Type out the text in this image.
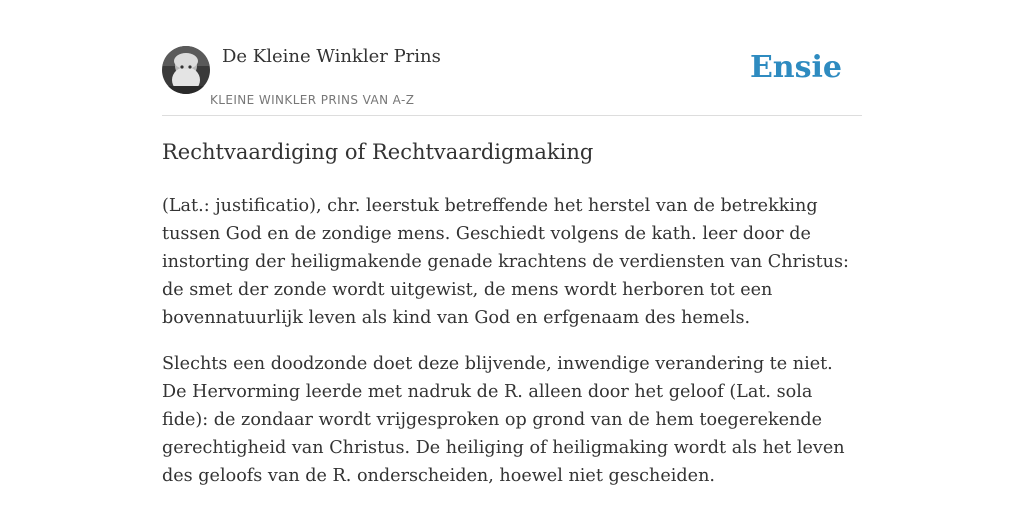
De Kleine Winkler Prins
KLEINE WINKLER PRINS VAN A-Z
Ensie
Rechtvaardiging of Rechtvaardigmaking

(Lat.: justificatio), chr. leerstuk betreffende het herstel van de betrekking tussen God en de zondige mens. Geschiedt volgens de kath. leer door de instorting der heiligmakende genade krachtens de verdiensten van Christus: de smet der zonde wordt uitgewist, de mens wordt herboren tot een bovennatuurlijk leven als kind van God en erfgenaam des hemels.

Slechts een doodzonde doet deze blijvende, inwendige verandering te niet. De Hervorming leerde met nadruk de R. alleen door het geloof (Lat. sola fide): de zondaar wordt vrijgesproken op grond van de hem toegerekende gerechtigheid van Christus. De heiliging of heiligmaking wordt als het leven des geloofs van de R. onderscheiden, hoewel niet gescheiden.
